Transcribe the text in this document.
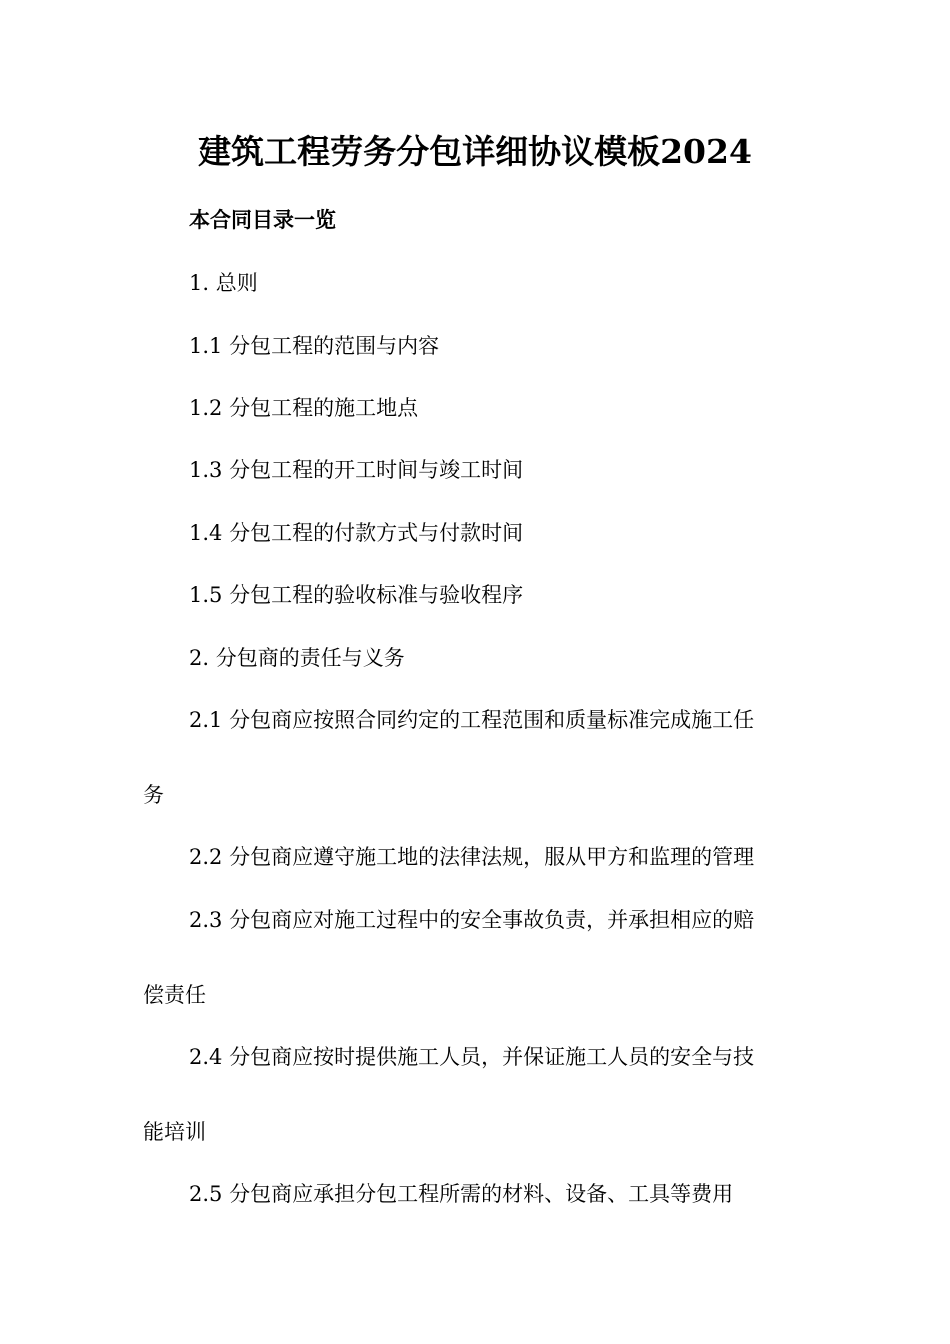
建筑工程劳务分包详细协议模板2024
本合同目录一览
1. 总则
1.1 分包工程的范围与内容
1.2 分包工程的施工地点
1.3 分包工程的开工时间与竣工时间
1.4 分包工程的付款方式与付款时间
1.5 分包工程的验收标准与验收程序
2. 分包商的责任与义务
2.1 分包商应按照合同约定的工程范围和质量标准完成施工任
务
2.2 分包商应遵守施工地的法律法规，服从甲方和监理的管理
2.3 分包商应对施工过程中的安全事故负责，并承担相应的赔
偿责任
2.4 分包商应按时提供施工人员，并保证施工人员的安全与技
能培训
2.5 分包商应承担分包工程所需的材料、设备、工具等费用
